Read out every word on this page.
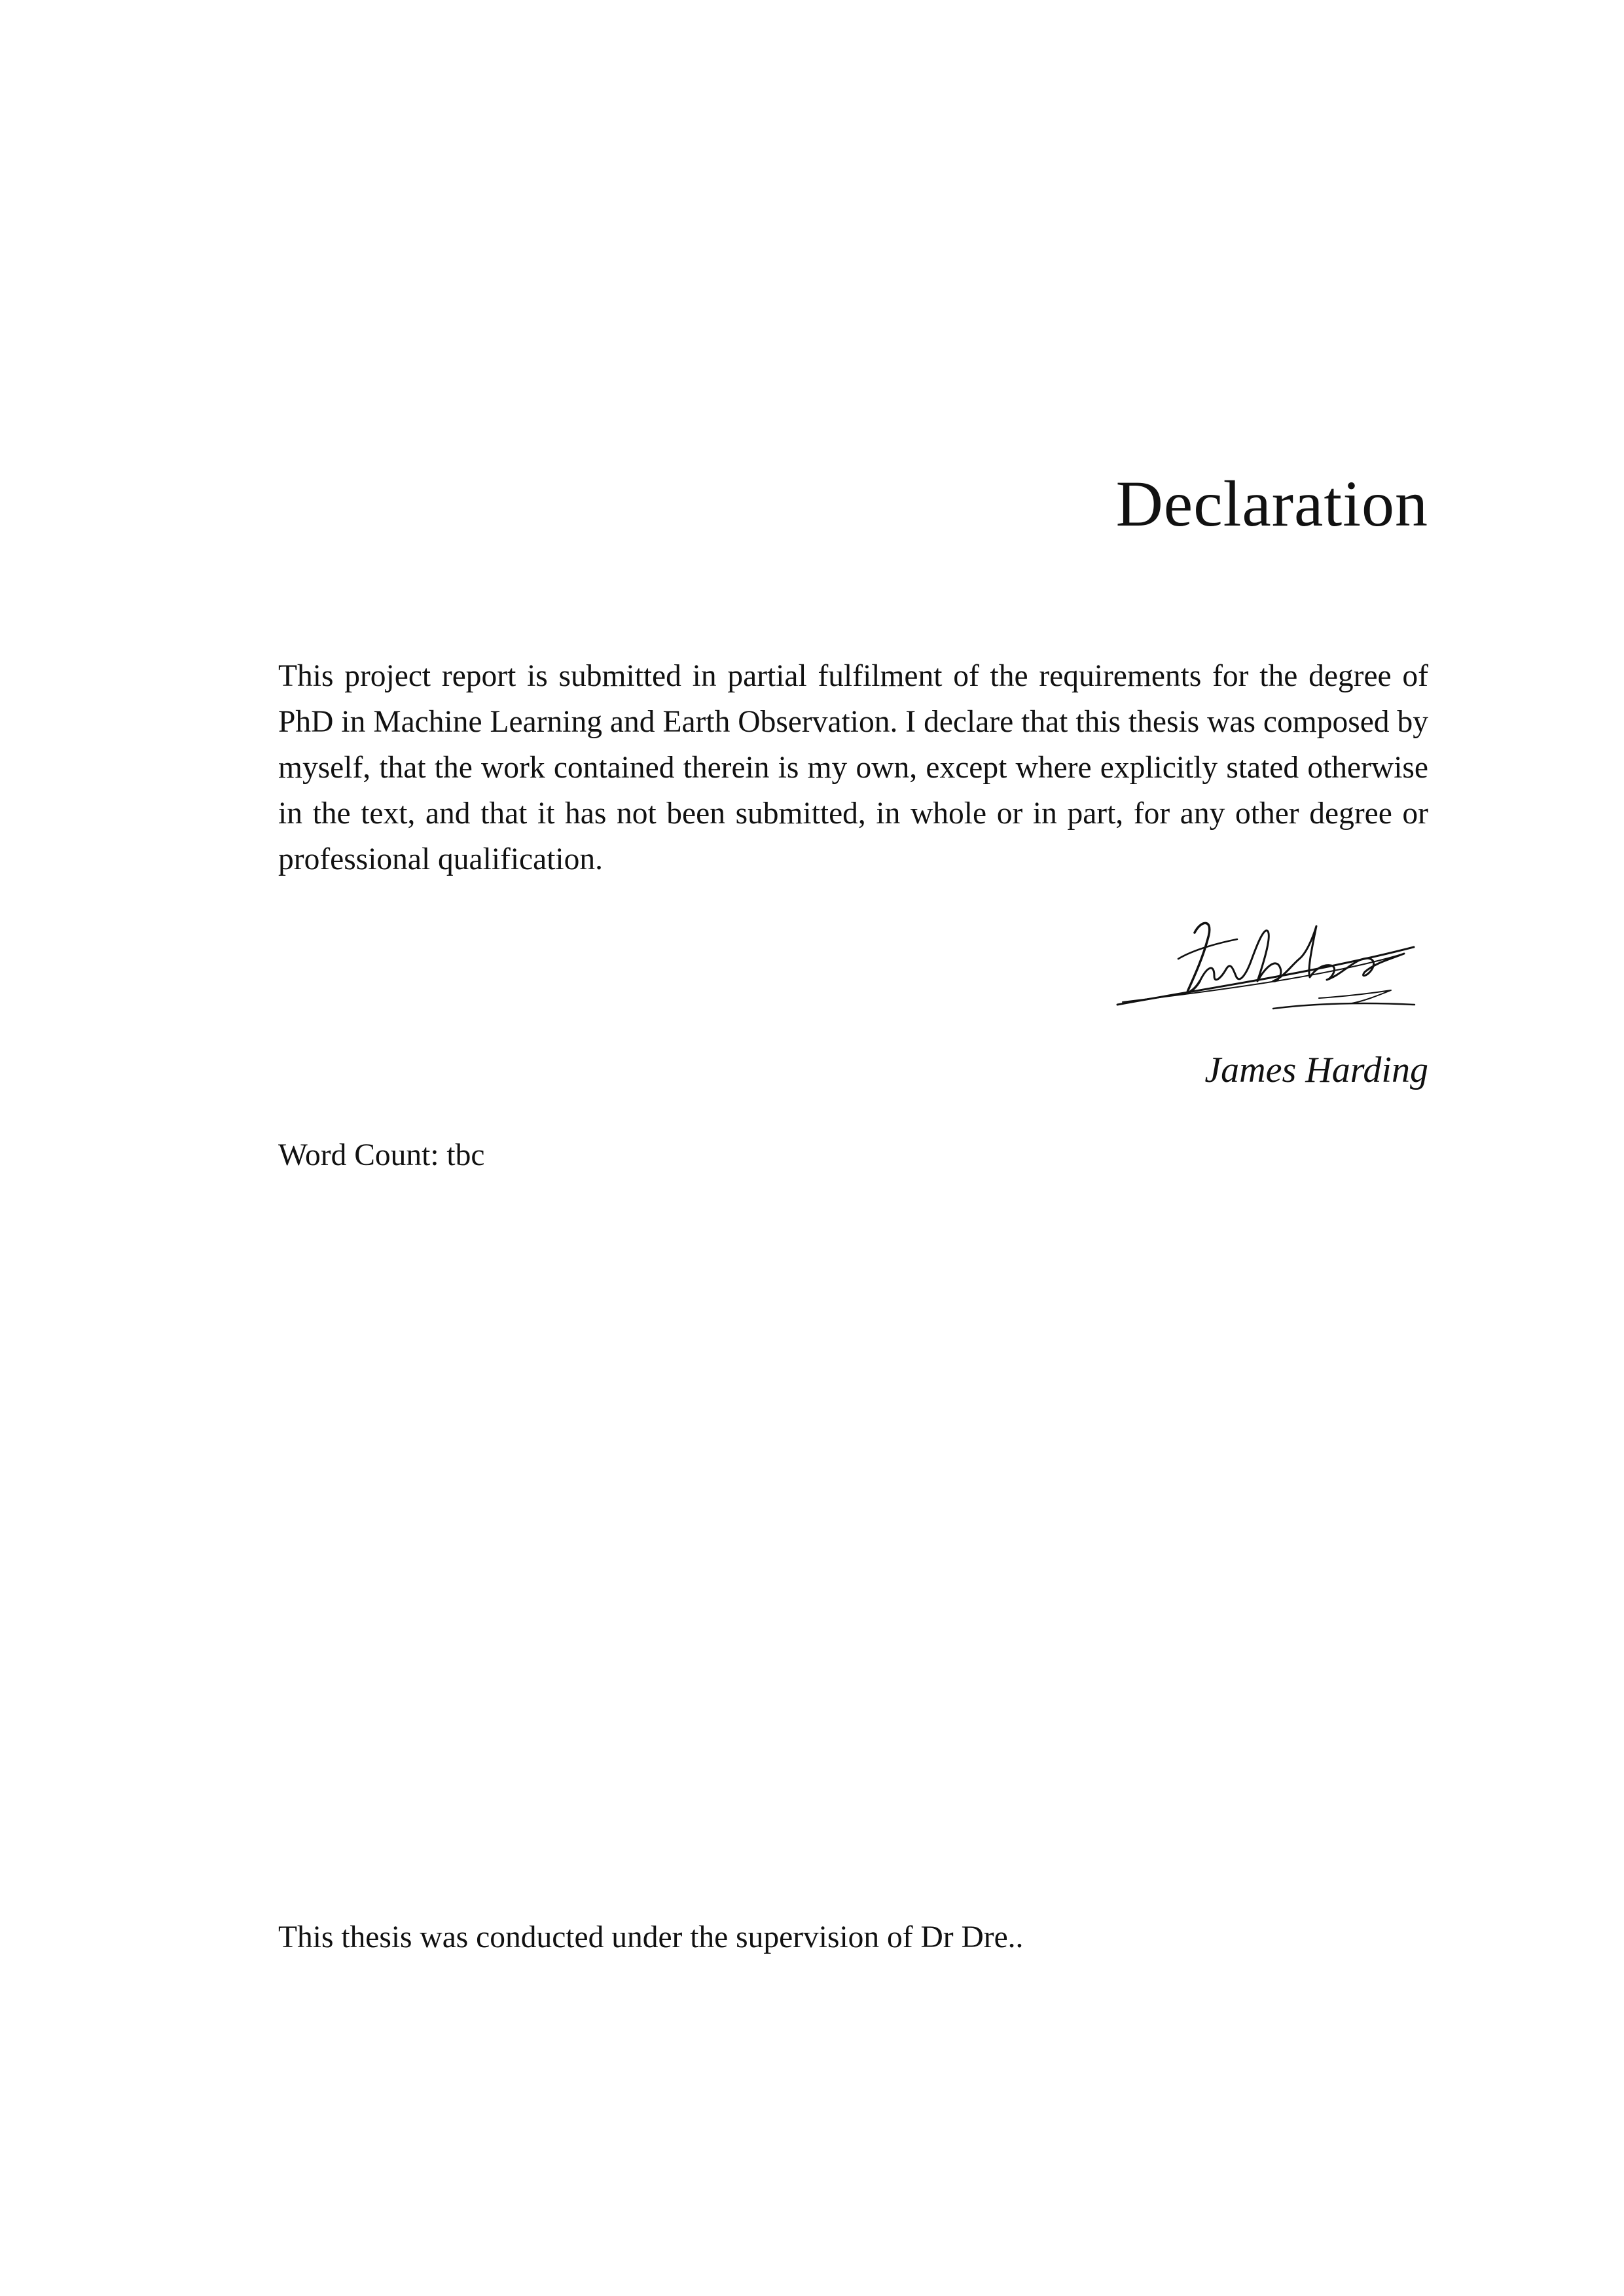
Declaration
This project report is submitted in partial fulfilment of the requirements for the degree of
PhD in Machine Learning and Earth Observation. I declare that this thesis was composed by
myself, that the work contained therein is my own, except where explicitly stated otherwise
in the text, and that it has not been submitted, in whole or in part, for any other degree or
professional qualification.

James Harding

Word Count: tbc

This thesis was conducted under the supervision of Dr Dre..
